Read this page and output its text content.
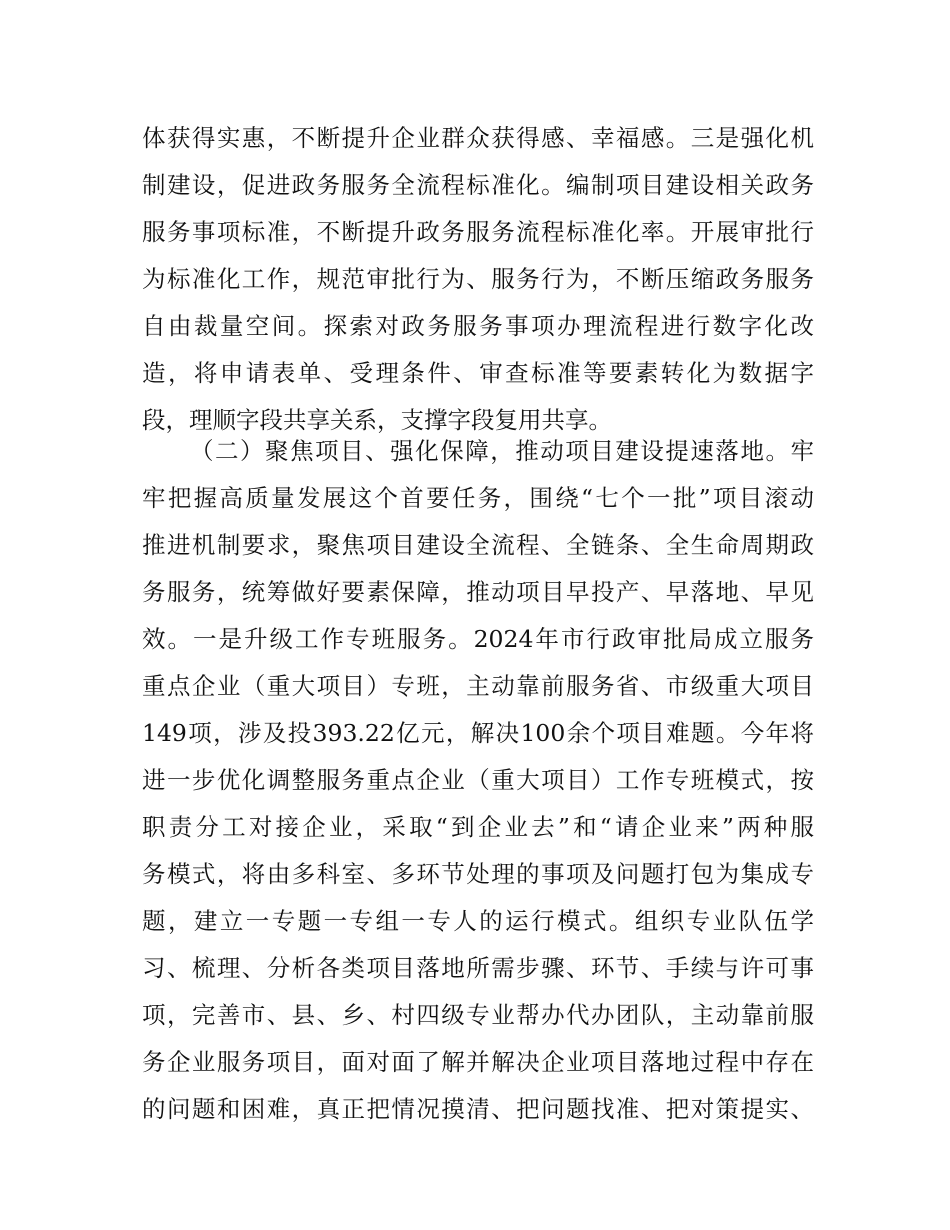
体获得实惠，不断提升企业群众获得感、幸福感。三是强化机
制建设，促进政务服务全流程标准化。编制项目建设相关政务
服务事项标准，不断提升政务服务流程标准化率。开展审批行
为标准化工作，规范审批行为、服务行为，不断压缩政务服务
自由裁量空间。探索对政务服务事项办理流程进行数字化改
造，将申请表单、受理条件、审查标准等要素转化为数据字
段，理顺字段共享关系，支撑字段复用共享。
（二）聚焦项目、强化保障，推动项目建设提速落地。牢
牢把握高质量发展这个首要任务，围绕“七个一批”项目滚动
推进机制要求，聚焦项目建设全流程、全链条、全生命周期政
务服务，统筹做好要素保障，推动项目早投产、早落地、早见
效。一是升级工作专班服务。2024年市行政审批局成立服务
重点企业（重大项目）专班，主动靠前服务省、市级重大项目
149项，涉及投393.22亿元，解决100余个项目难题。今年将
进一步优化调整服务重点企业（重大项目）工作专班模式，按
职责分工对接企业，采取“到企业去”和“请企业来”两种服
务模式，将由多科室、多环节处理的事项及问题打包为集成专
题，建立一专题一专组一专人的运行模式。组织专业队伍学
习、梳理、分析各类项目落地所需步骤、环节、手续与许可事
项，完善市、县、乡、村四级专业帮办代办团队，主动靠前服
务企业服务项目，面对面了解并解决企业项目落地过程中存在
的问题和困难，真正把情况摸清、把问题找准、把对策提实、
